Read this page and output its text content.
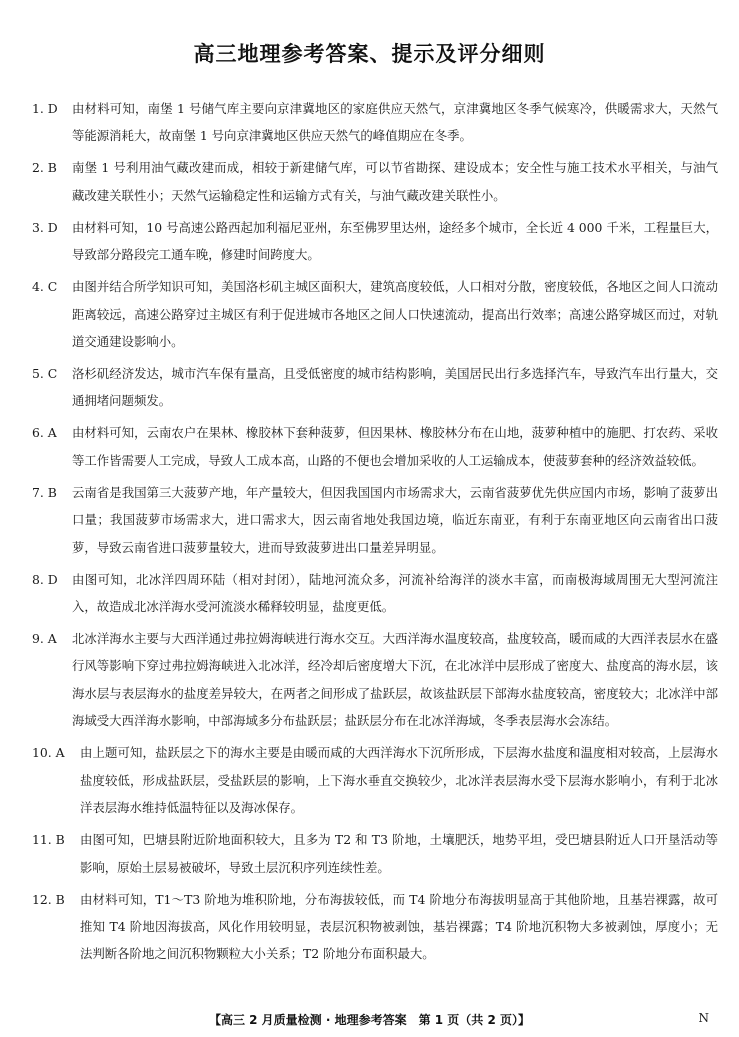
高三地理参考答案、提示及评分细则
1. D 由材料可知，南堡 1 号储气库主要向京津冀地区的家庭供应天然气，京津冀地区冬季气候寒冷，供暖需求大，天然气等能源消耗大，故南堡 1 号向京津冀地区供应天然气的峰值期应在冬季。
2. B 南堡 1 号利用油气藏改建而成，相较于新建储气库，可以节省勘探、建设成本；安全性与施工技术水平相关，与油气藏改建关联性小；天然气运输稳定性和运输方式有关，与油气藏改建关联性小。
3. D 由材料可知，10 号高速公路西起加利福尼亚州，东至佛罗里达州，途经多个城市，全长近 4 000 千米，工程量巨大，导致部分路段完工通车晚，修建时间跨度大。
4. C 由图并结合所学知识可知，美国洛杉矶主城区面积大，建筑高度较低，人口相对分散，密度较低，各地区之间人口流动距离较远，高速公路穿过主城区有利于促进城市各地区之间人口快速流动，提高出行效率；高速公路穿城区而过，对轨道交通建设影响小。
5. C 洛杉矶经济发达，城市汽车保有量高，且受低密度的城市结构影响，美国居民出行多选择汽车，导致汽车出行量大，交通拥堵问题频发。
6. A 由材料可知，云南农户在果林、橡胶林下套种菠萝，但因果林、橡胶林分布在山地，菠萝种植中的施肥、打农药、采收等工作皆需要人工完成，导致人工成本高，山路的不便也会增加采收的人工运输成本，使菠萝套种的经济效益较低。
7. B 云南省是我国第三大菠萝产地，年产量较大，但因我国国内市场需求大，云南省菠萝优先供应国内市场，影响了菠萝出口量；我国菠萝市场需求大，进口需求大，因云南省地处我国边境，临近东南亚，有利于东南亚地区向云南省出口菠萝，导致云南省进口菠萝量较大，进而导致菠萝进出口量差异明显。
8. D 由图可知，北冰洋四周环陆（相对封闭），陆地河流众多，河流补给海洋的淡水丰富，而南极海域周围无大型河流注入，故造成北冰洋海水受河流淡水稀释较明显，盐度更低。
9. A 北冰洋海水主要与大西洋通过弗拉姆海峡进行海水交互。大西洋海水温度较高，盐度较高，暖而咸的大西洋表层水在盛行风等影响下穿过弗拉姆海峡进入北冰洋，经冷却后密度增大下沉，在北冰洋中层形成了密度大、盐度高的海水层，该海水层与表层海水的盐度差异较大，在两者之间形成了盐跃层，故该盐跃层下部海水盐度较高，密度较大；北冰洋中部海域受大西洋海水影响，中部海域多分布盐跃层；盐跃层分布在北冰洋海域，冬季表层海水会冻结。
10. A 由上题可知，盐跃层之下的海水主要是由暖而咸的大西洋海水下沉所形成，下层海水盐度和温度相对较高，上层海水盐度较低，形成盐跃层，受盐跃层的影响，上下海水垂直交换较少，北冰洋表层海水受下层海水影响小，有利于北冰洋表层海水维持低温特征以及海冰保存。
11. B 由图可知，巴塘县附近阶地面积较大，且多为 T2 和 T3 阶地，土壤肥沃，地势平坦，受巴塘县附近人口开垦活动等影响，原始土层易被破坏，导致土层沉积序列连续性差。
12. B 由材料可知，T1～T3 阶地为堆积阶地，分布海拔较低，而 T4 阶地分布海拔明显高于其他阶地，且基岩裸露，故可推知 T4 阶地因海拔高，风化作用较明显，表层沉积物被剥蚀，基岩裸露；T4 阶地沉积物大多被剥蚀，厚度小；无法判断各阶地之间沉积物颗粒大小关系；T2 阶地分布面积最大。
【高三 2 月质量检测 · 地理参考答案　第 1 页（共 2 页）】	N
